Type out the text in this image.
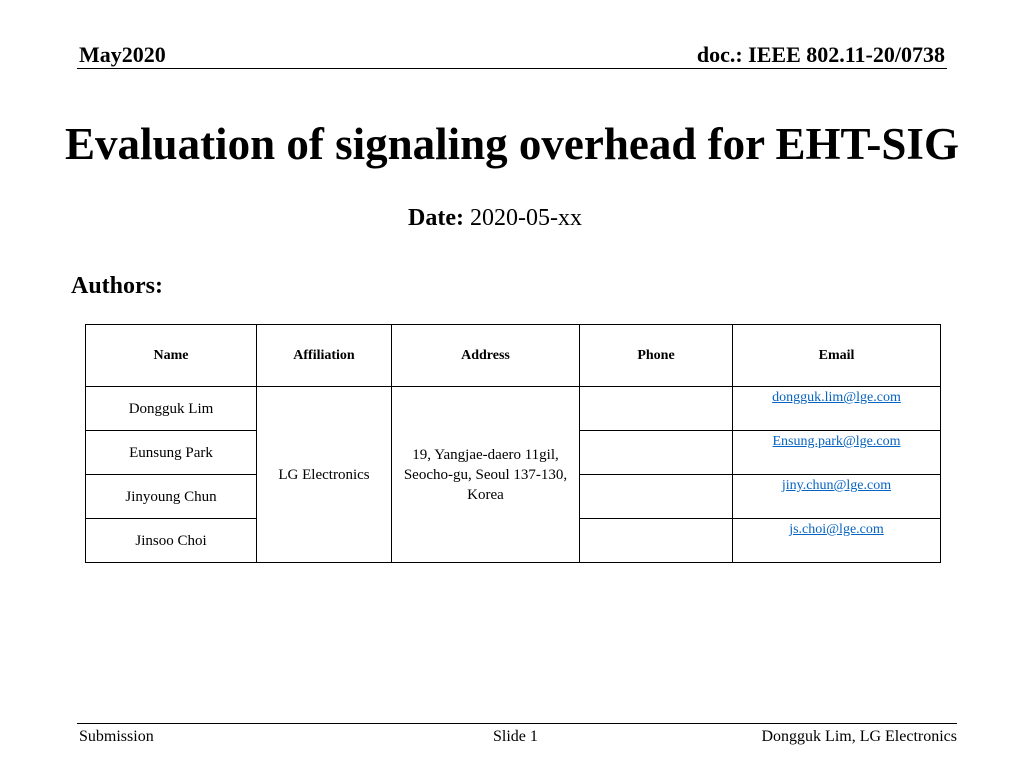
May2020	doc.: IEEE 802.11-20/0738
Evaluation of signaling overhead for EHT-SIG
Date: 2020-05-xx
Authors:
Name	Affiliation	Address	Phone	Email
Dongguk Lim	LG Electronics	19, Yangjae-daero 11gil, Seocho-gu, Seoul 137-130, Korea		dongguk.lim@lge.com
Eunsung Park				Ensung.park@lge.com
Jinyoung Chun				jiny.chun@lge.com
Jinsoo Choi				js.choi@lge.com
Submission	Slide 1	Dongguk Lim, LG Electronics
